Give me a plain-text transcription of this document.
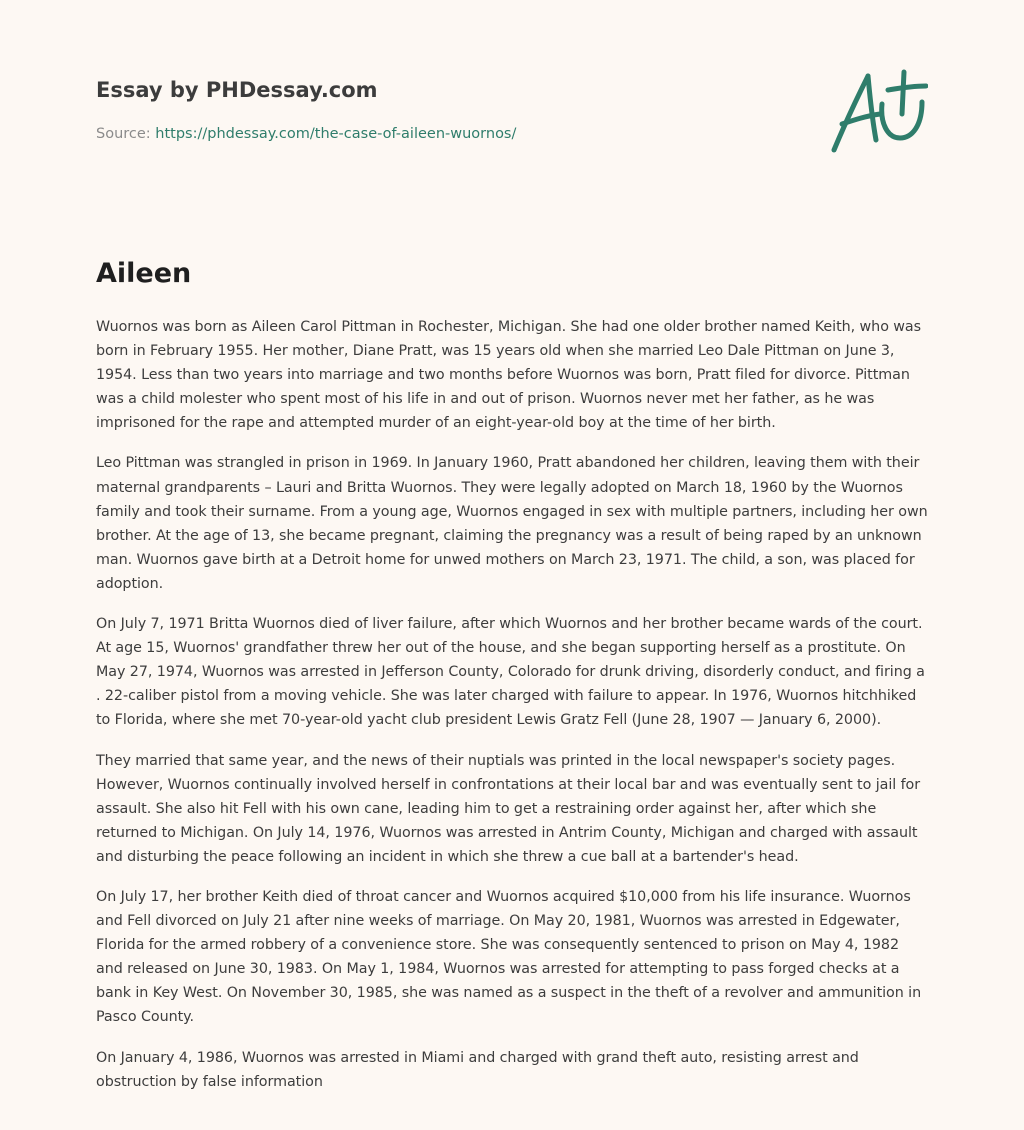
Essay by PHDessay.com
Source: https://phdessay.com/the-case-of-aileen-wuornos/
Aileen

Wuornos was born as Aileen Carol Pittman in Rochester, Michigan. She had one older brother named Keith, who was born in February 1955. Her mother, Diane Pratt, was 15 years old when she married Leo Dale Pittman on June 3, 1954. Less than two years into marriage and two months before Wuornos was born, Pratt filed for divorce. Pittman was a child molester who spent most of his life in and out of prison. Wuornos never met her father, as he was imprisoned for the rape and attempted murder of an eight-year-old boy at the time of her birth.

Leo Pittman was strangled in prison in 1969. In January 1960, Pratt abandoned her children, leaving them with their maternal grandparents – Lauri and Britta Wuornos. They were legally adopted on March 18, 1960 by the Wuornos family and took their surname. From a young age, Wuornos engaged in sex with multiple partners, including her own brother. At the age of 13, she became pregnant, claiming the pregnancy was a result of being raped by an unknown man. Wuornos gave birth at a Detroit home for unwed mothers on March 23, 1971. The child, a son, was placed for adoption.

On July 7, 1971 Britta Wuornos died of liver failure, after which Wuornos and her brother became wards of the court. At age 15, Wuornos' grandfather threw her out of the house, and she began supporting herself as a prostitute. On May 27, 1974, Wuornos was arrested in Jefferson County, Colorado for drunk driving, disorderly conduct, and firing a . 22-caliber pistol from a moving vehicle. She was later charged with failure to appear. In 1976, Wuornos hitchhiked to Florida, where she met 70-year-old yacht club president Lewis Gratz Fell (June 28, 1907 — January 6, 2000).

They married that same year, and the news of their nuptials was printed in the local newspaper's society pages. However, Wuornos continually involved herself in confrontations at their local bar and was eventually sent to jail for assault. She also hit Fell with his own cane, leading him to get a restraining order against her, after which she returned to Michigan. On July 14, 1976, Wuornos was arrested in Antrim County, Michigan and charged with assault and disturbing the peace following an incident in which she threw a cue ball at a bartender's head.

On July 17, her brother Keith died of throat cancer and Wuornos acquired $10,000 from his life insurance. Wuornos and Fell divorced on July 21 after nine weeks of marriage. On May 20, 1981, Wuornos was arrested in Edgewater, Florida for the armed robbery of a convenience store. She was consequently sentenced to prison on May 4, 1982 and released on June 30, 1983. On May 1, 1984, Wuornos was arrested for attempting to pass forged checks at a bank in Key West. On November 30, 1985, she was named as a suspect in the theft of a revolver and ammunition in Pasco County.

On January 4, 1986, Wuornos was arrested in Miami and charged with grand theft auto, resisting arrest and obstruction by false information
